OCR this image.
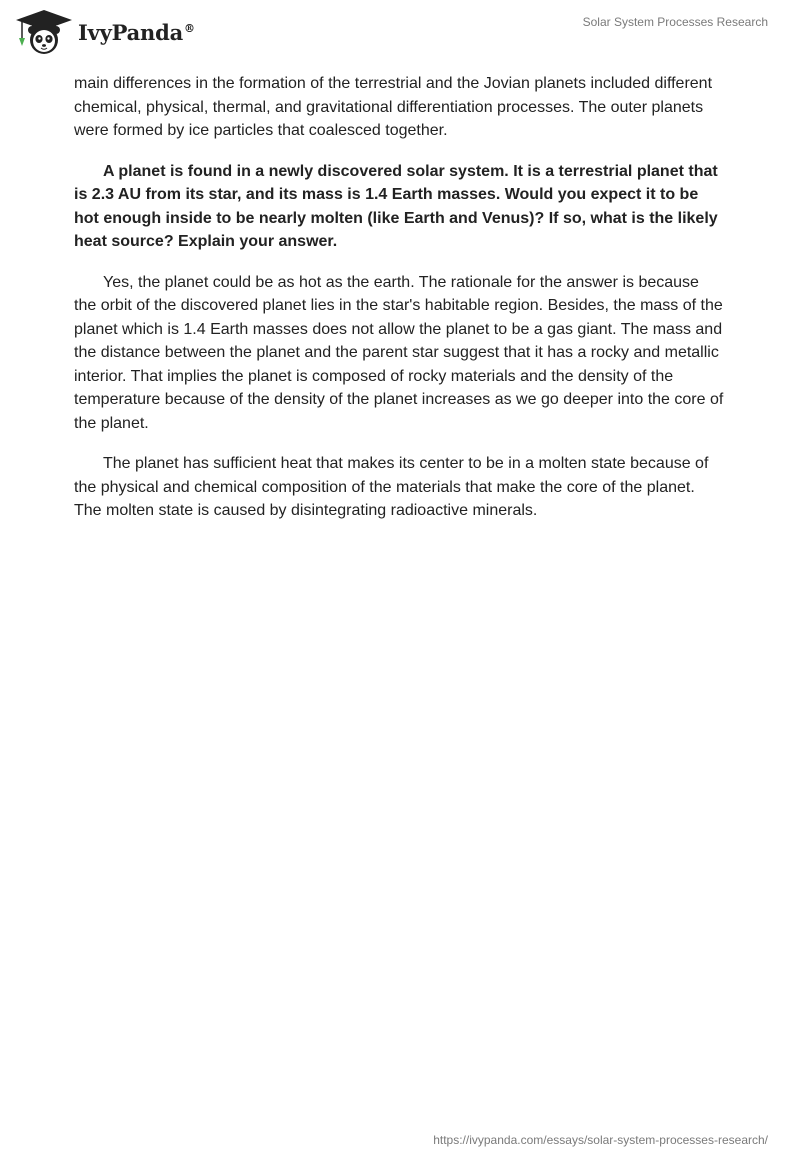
IvyPanda®	Solar System Processes Research

main differences in the formation of the terrestrial and the Jovian planets included different chemical, physical, thermal, and gravitational differentiation processes. The outer planets were formed by ice particles that coalesced together.

A planet is found in a newly discovered solar system. It is a terrestrial planet that is 2.3 AU from its star, and its mass is 1.4 Earth masses. Would you expect it to be hot enough inside to be nearly molten (like Earth and Venus)? If so, what is the likely heat source? Explain your answer.

Yes, the planet could be as hot as the earth. The rationale for the answer is because the orbit of the discovered planet lies in the star's habitable region. Besides, the mass of the planet which is 1.4 Earth masses does not allow the planet to be a gas giant. The mass and the distance between the planet and the parent star suggest that it has a rocky and metallic interior. That implies the planet is composed of rocky materials and the density of the temperature because of the density of the planet increases as we go deeper into the core of the planet.

The planet has sufficient heat that makes its center to be in a molten state because of the physical and chemical composition of the materials that make the core of the planet. The molten state is caused by disintegrating radioactive minerals.

https://ivypanda.com/essays/solar-system-processes-research/
